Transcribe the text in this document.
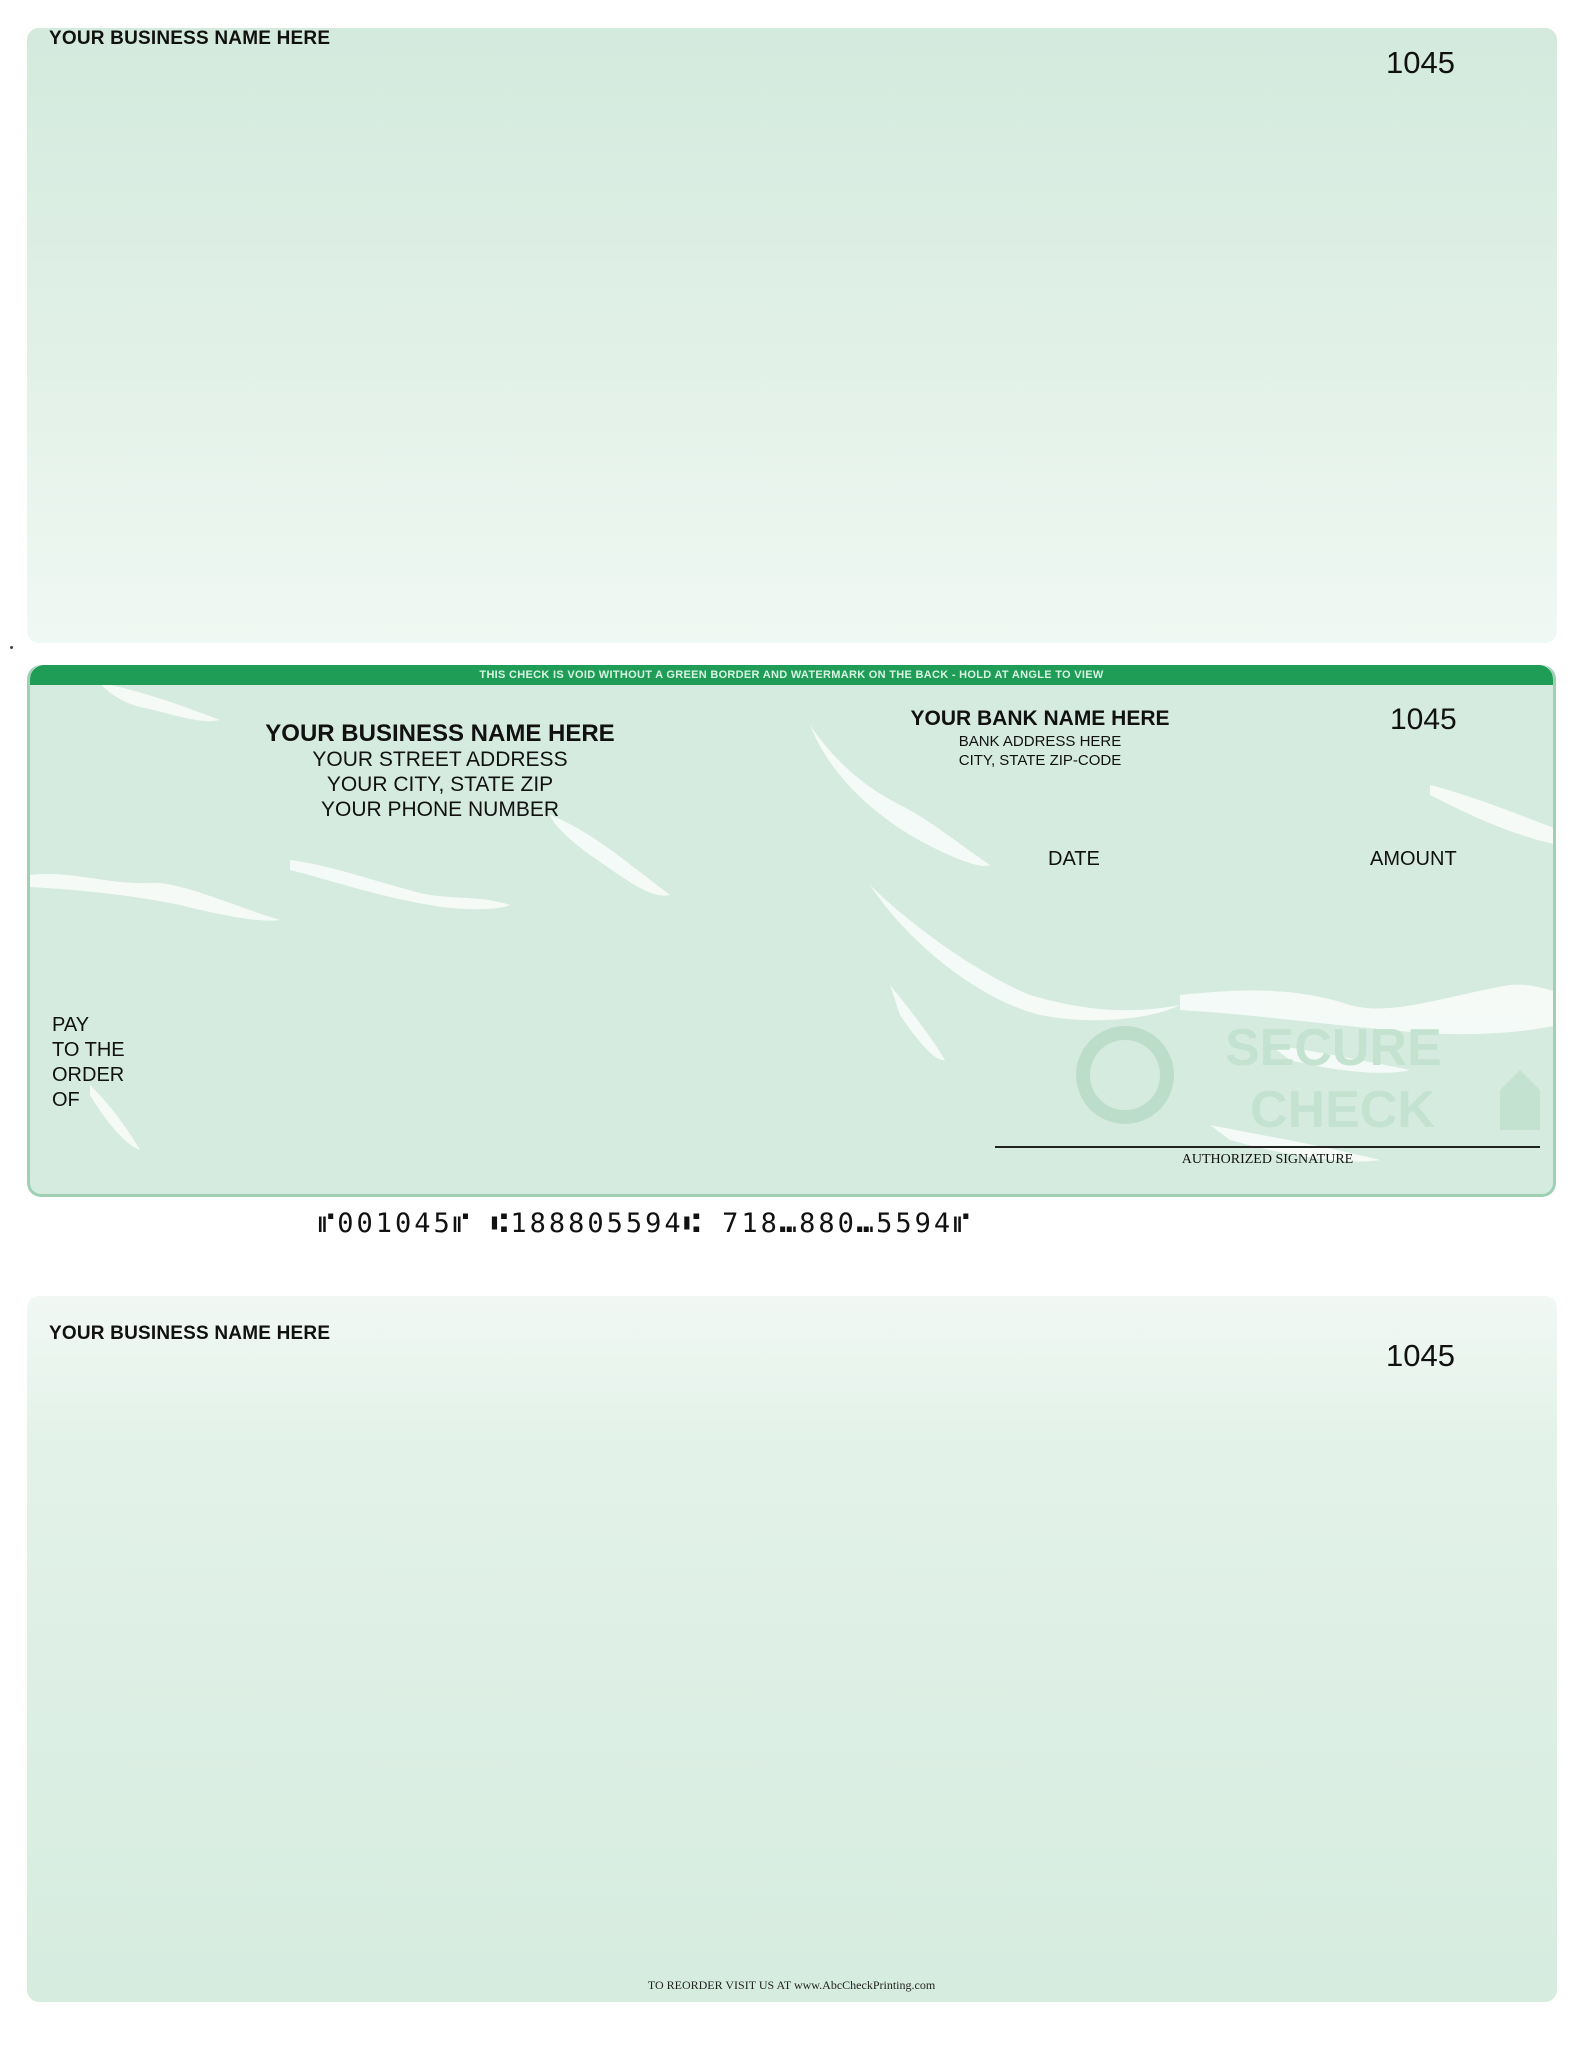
YOUR BUSINESS NAME HERE
1045
SECURE
CHECK
THIS CHECK IS VOID WITHOUT A GREEN BORDER AND WATERMARK ON THE BACK - HOLD AT ANGLE TO VIEW
YOUR BUSINESS NAME HERE
YOUR STREET ADDRESS
YOUR CITY, STATE ZIP
YOUR PHONE NUMBER
YOUR BANK NAME HERE
BANK ADDRESS HERE
CITY, STATE ZIP-CODE
1045
DATE	AMOUNT
PAY
TO THE
ORDER
OF
AUTHORIZED SIGNATURE
⑈001045⑈ ⑆188805594⑆ 718⑉880⑉5594⑈
YOUR BUSINESS NAME HERE
1045
TO REORDER VISIT US AT www.AbcCheckPrinting.com
